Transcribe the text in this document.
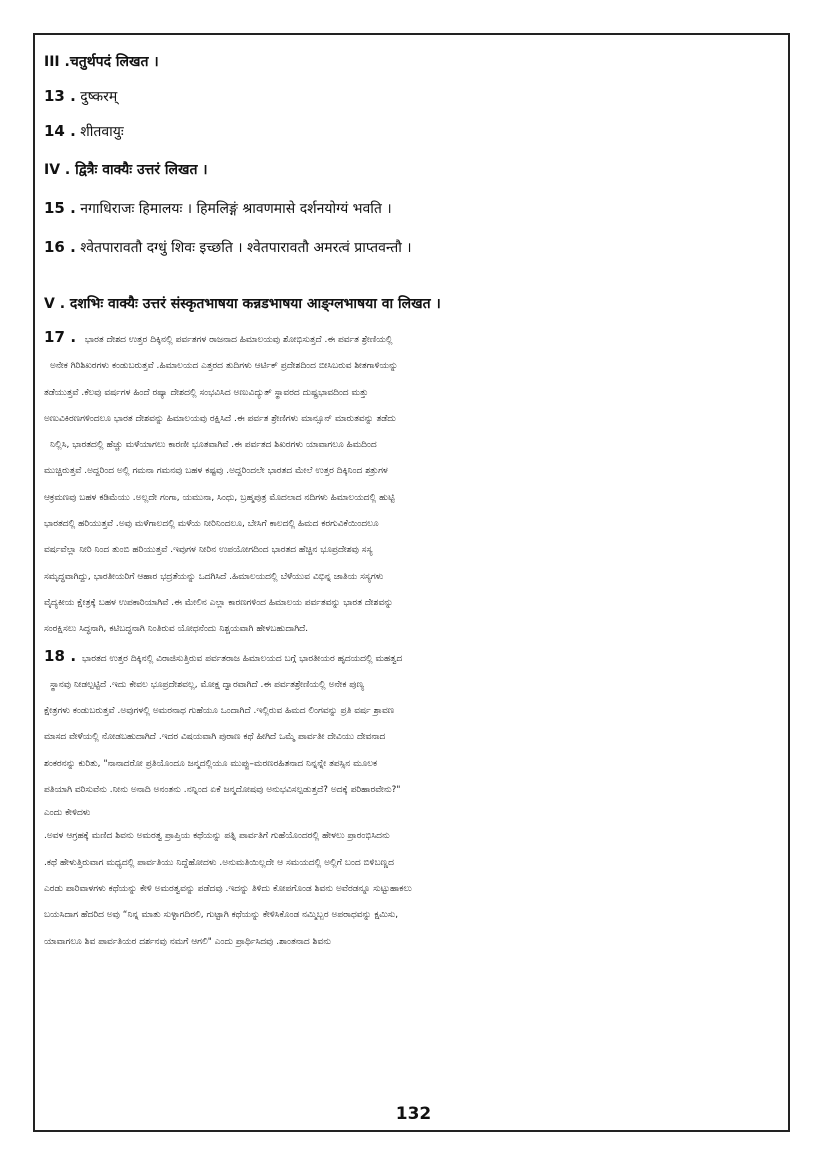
III .चतुर्थपदं लिखत ।
13 . दुष्करम्
14 . शीतवायुः
IV . द्वित्रैः वाक्यैः उत्तरं लिखत ।
15 . नगाधिराजः हिमालयः । हिमलिङ्गं श्रावणमासे दर्शनयोग्यं भवति ।
16 . श्वेतपारावतौ दग्धुं शिवः इच्छति । श्वेतपारावतौ अमरत्वं प्राप्तवन्तौ ।
V . दशभिः वाक्यैः उत्तरं संस्कृतभाषया कन्नडभाषया आङ्ग्लभाषया वा लिखत ।
17 . ಭಾರತ ದೇಶದ ಉತ್ತರ ದಿಕ್ಕಿನಲ್ಲಿ ಪರ್ವತಗಳ ರಾಜನಾದ ಹಿಮಾಲಯವು ಶೋಭಿಸುತ್ತದೆ .ಈ ಪರ್ವತ ಶ್ರೇಣಿಯಲ್ಲಿ
ಅನೇಕ ಗಿರಿಶಿಖರಗಳು ಕಂಡುಬರುತ್ತವೆ .ಹಿಮಾಲಯದ ಎತ್ತರದ ತುದಿಗಳು ಆರ್ಟಿಕ್ ಪ್ರದೇಶದಿಂದ ಬೀಸಿಬರುವ ಶೀತಗಾಳಿಯನ್ನು
ತಡೆಯುತ್ತವೆ .ಕೆಲವು ವರ್ಷಗಳ ಹಿಂದೆ ರಷ್ಯಾ ದೇಶದಲ್ಲಿ ಸಂಭವಿಸಿದ ಅಣುವಿದ್ಯುತ್ ಸ್ಥಾವರದ ದುಷ್ಪ್ರಭಾವದಿಂದ ಮತ್ತು
ಅಣುವಿಕಿರಣಗಳಿಂದಲೂ ಭಾರತ ದೇಶವನ್ನು ಹಿಮಾಲಯವು ರಕ್ಷಿಸಿದೆ .ಈ ಪರ್ವತ ಶ್ರೇಣಿಗಳು ಮಾನ್ಸೂನ್ ಮಾರುತವನ್ನು ತಡೆದು
ನಿಲ್ಲಿಸಿ, ಭಾರತದಲ್ಲಿ ಹೆಚ್ಚು ಮಳೆಯಾಗಲು ಕಾರಣೀ ಭೂತವಾಗಿವೆ .ಈ ಪರ್ವತದ ಶಿಖರಗಳು ಯಾವಾಗಲೂ ಹಿಮದಿಂದ
ಮುಚ್ಚಿರುತ್ತವೆ .ಅದ್ದರಿಂದ ಅಲ್ಲಿ ಗಮನಾ ಗಮನವು ಬಹಳ ಕಷ್ಟವು .ಅದ್ದರಿಂದಲೇ ಭಾರತದ ಮೇಲೆ ಉತ್ತರ ದಿಕ್ಕಿನಿಂದ ಶತ್ರುಗಳ
ಆಕ್ರಮಣವು ಬಹಳ ಕಡಿಮೆಯು .ಅಲ್ಲದೇ ಗಂಗಾ, ಯಮುನಾ, ಸಿಂಧು, ಬ್ರಹ್ಮಪುತ್ರ ಮೊದಲಾದ ನದಿಗಳು ಹಿಮಾಲಯದಲ್ಲಿ ಹುಟ್ಟಿ
ಭಾರತದಲ್ಲಿ ಹರಿಯುತ್ತವೆ .ಅವು ಮಳೆಗಾಲದಲ್ಲಿ ಮಳೆಯ ನೀರಿನಿಂದಲೂ, ಬೇಸಿಗೆ ಕಾಲದಲ್ಲಿ ಹಿಮದ ಕರಗುವಿಕೆಯಿಂದಲೂ
ವರ್ಷವೆಲ್ಲಾ ನೀರಿ ನಿಂದ ತುಂಬಿ ಹರಿಯುತ್ತವೆ .ಇವುಗಳ ನೀರಿನ ಉಪಯೋಗದಿಂದ ಭಾರತದ ಹೆಚ್ಚಿನ ಭೂಪ್ರದೇಶವು ಸಸ್ಯ
ಸಮೃದ್ಧವಾಗಿದ್ದು, ಭಾರತೀಯರಿಗೆ ಆಹಾರ ಭದ್ರತೆಯನ್ನು ಒದಗಿಸಿದೆ .ಹಿಮಾಲಯದಲ್ಲಿ ಬೆಳೆಯುವ ವಿಭಿನ್ನ ಜಾತಿಯ ಸಸ್ಯಗಳು
ವೈದ್ಯಕೀಯ ಕ್ಷೇತ್ರಕ್ಕೆ ಬಹಳ ಉಪಕಾರಿಯಾಗಿವೆ .ಈ ಮೇಲಿನ ಎಲ್ಲಾ ಕಾರಣಗಳಿಂದ ಹಿಮಾಲಯ ಪರ್ವತವನ್ನು ಭಾರತ ದೇಶವನ್ನು
ಸಂರಕ್ಷಿಸಲು ಸಿದ್ಧನಾಗಿ, ಕಟಿಬದ್ಧನಾಗಿ ನಿಂತಿರುವ ಯೋಧನೆಂದು ನಿಶ್ಚಯವಾಗಿ ಹೇಳಬಹುದಾಗಿದೆ.
18 . ಭಾರತದ ಉತ್ತರ ದಿಕ್ಕಿನಲ್ಲಿ ವಿರಾಜಿಸುತ್ತಿರುವ ಪರ್ವತರಾಜ ಹಿಮಾಲಯದ ಬಗ್ಗೆ ಭಾರತೀಯರ ಹೃದಯದಲ್ಲಿ ಮಹತ್ವದ
ಸ್ಥಾನವು ನೀಡಲ್ಪಟ್ಟಿದೆ .ಇದು ಕೇವಲ ಭೂಪ್ರದೇಶವಲ್ಲ, ಮೋಕ್ಷ ದ್ವಾರವಾಗಿದೆ .ಈ ಪರ್ವತಶ್ರೇಣಿಯಲ್ಲಿ ಅನೇಕ ಪುಣ್ಯ
ಕ್ಷೇತ್ರಗಳು ಕಂಡುಬರುತ್ತವೆ .ಅವುಗಳಲ್ಲಿ ಅಮರನಾಥ ಗುಹೆಯೂ ಒಂದಾಗಿದೆ .ಇಲ್ಲಿರುವ ಹಿಮದ ಲಿಂಗವನ್ನು ಪ್ರತಿ ವರ್ಷ ಶ್ರಾವಣ
ಮಾಸದ ವೇಳೆಯಲ್ಲಿ ನೋಡಬಹುದಾಗಿದೆ .ಇದರ ವಿಷಯವಾಗಿ ಪುರಾಣ ಕಥೆ ಹೀಗಿದೆ ಒಮ್ಮೆ ಪಾರ್ವತೀ ದೇವಿಯು ದೇವನಾದ
ಶಂಕರನನ್ನು ಕುರಿತು, "ನಾನಾದರೋ ಪ್ರತಿಯೊಂದೂ ಜನ್ಮದಲ್ಲಿಯೂ ಮುಪ್ಪು–ಮರಣರಹಿತನಾದ ನಿನ್ನನ್ನೇ ತಪಸ್ಸಿನ ಮೂಲಕ
ಪತಿಯಾಗಿ ವರಿಸುವೆನು .ನೀನು ಅನಾದಿ ಅನಂತನು .ನನ್ನಿಂದ ಏಕೆ ಜನ್ಮದೋಷವು ಅನುಭವಿಸಲ್ಪಡುತ್ತದೆ? ಅದಕ್ಕೆ ಪರಿಹಾರವೇನು?"
ಎಂದು ಕೇಳಿದಳು
.ಅವಳ ಆಗ್ರಹಕ್ಕೆ ಮಣಿದ ಶಿವನು ಅಮರತ್ವ ಪ್ರಾಪ್ತಿಯ ಕಥೆಯನ್ನು ಪತ್ನಿ ಪಾರ್ವತಿಗೆ ಗುಹೆಯೊಂದರಲ್ಲಿ ಹೇಳಲು ಪ್ರಾರಂಭಿಸಿದನು
.ಕಥೆ ಹೇಳುತ್ತಿರುವಾಗ ಮಧ್ಯದಲ್ಲಿ ಪಾರ್ವತಿಯು ನಿದ್ದೆಹೋದಳು .ಅನುಮತಿಯಿಲ್ಲದೇ ಆ ಸಮಯದಲ್ಲಿ ಅಲ್ಲಿಗೆ ಬಂದ ಬಿಳಿಬಣ್ಣದ
ಎರಡು ಪಾರಿವಾಳಗಳು ಕಥೆಯನ್ನು ಕೇಳಿ ಅಮರತ್ವವನ್ನು ಪಡೆದವು .ಇದನ್ನು ತಿಳಿದು ಕೋಪಗೊಂಡ ಶಿವನು ಅವೆರಡನ್ನೂ ಸುಟ್ಟುಹಾಕಲು
ಬಯಸಿದಾಗ ಹೆದರಿದ ಅವು “ನಿನ್ನ ಮಾತು ಸುಳ್ಳಾಗದಿರಲಿ, ಗುಟ್ಟಾಗಿ ಕಥೆಯನ್ನು ಕೇಳಿಸಿಕೊಂಡ ನಮ್ಮಿಬ್ಬರ ಅಪರಾಧವನ್ನು ಕ್ಷಮಿಸು,
ಯಾವಾಗಲೂ ಶಿವ ಪಾರ್ವತಿಯರ ದರ್ಶನವು ನಮಗೆ ಆಗಲಿ" ಎಂದು ಪ್ರಾರ್ಥಿಸಿದವು .ಶಾಂತನಾದ ಶಿವನು
132
